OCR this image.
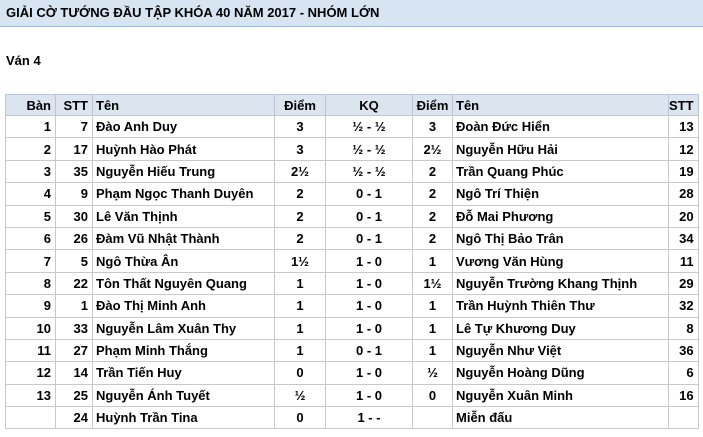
GIẢI CỜ TƯỚNG ĐẦU TẬP KHÓA 40 NĂM 2017 - NHÓM LỚN
Ván 4
Bàn	STT	Tên	Điểm	KQ	Điểm	Tên	STT
1	7	Đào Anh Duy	3	½ - ½	3	Đoàn Đức Hiển	13
2	17	Huỳnh Hào Phát	3	½ - ½	2½	Nguyễn Hữu Hải	12
3	35	Nguyễn Hiếu Trung	2½	½ - ½	2	Trần Quang Phúc	19
4	9	Phạm Ngọc Thanh Duyên	2	0 - 1	2	Ngô Trí Thiện	28
5	30	Lê Văn Thịnh	2	0 - 1	2	Đỗ Mai Phương	20
6	26	Đàm Vũ Nhật Thành	2	0 - 1	2	Ngô Thị Bảo Trân	34
7	5	Ngô Thừa Ân	1½	1 - 0	1	Vương Văn Hùng	11
8	22	Tôn Thất Nguyên Quang	1	1 - 0	1½	Nguyễn Trường Khang Thịnh	29
9	1	Đào Thị Minh Anh	1	1 - 0	1	Trần Huỳnh Thiên Thư	32
10	33	Nguyễn Lâm Xuân Thy	1	1 - 0	1	Lê Tự Khương Duy	8
11	27	Phạm Minh Thắng	1	0 - 1	1	Nguyễn Như Việt	36
12	14	Trần Tiến Huy	0	1 - 0	½	Nguyễn Hoàng Dũng	6
13	25	Nguyễn Ánh Tuyết	½	1 - 0	0	Nguyễn Xuân Minh	16
	24	Huỳnh Trần Tina	0	1 - -		Miễn đấu	
